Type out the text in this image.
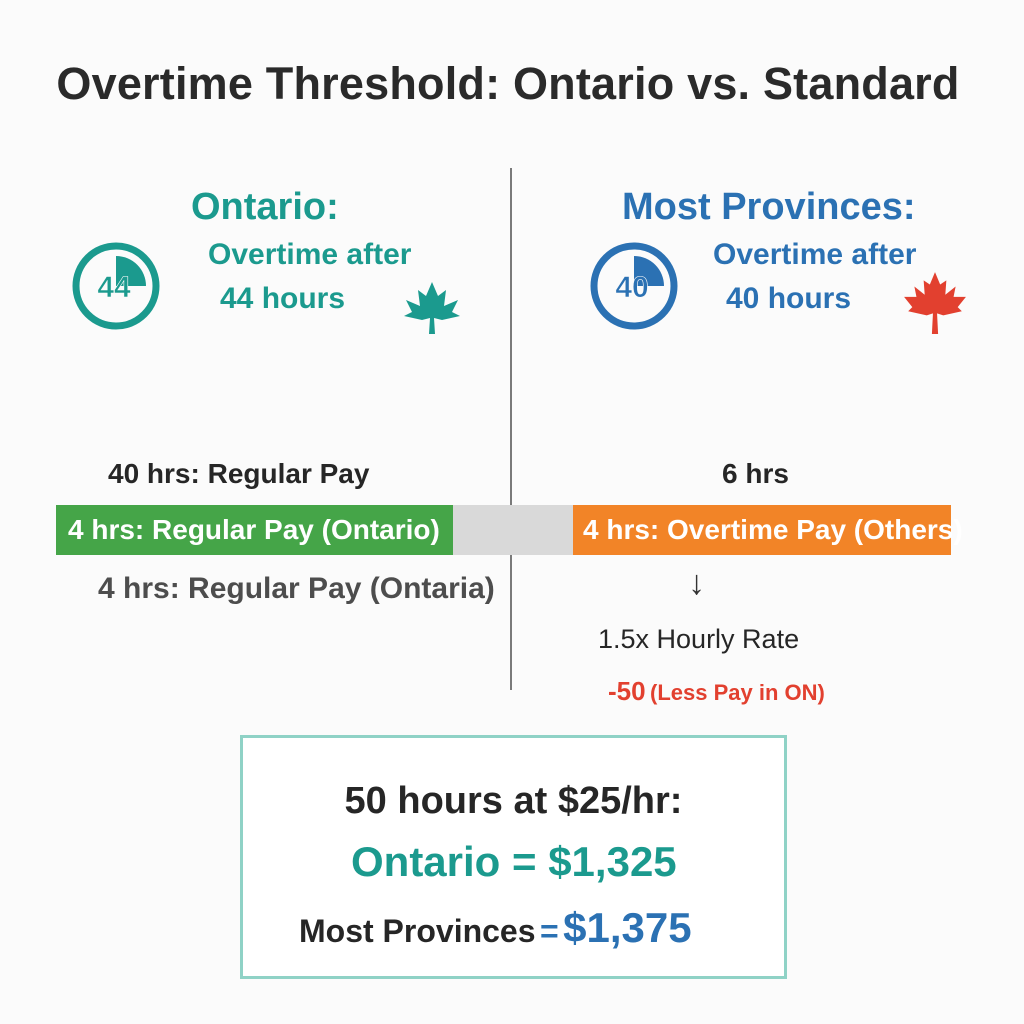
Overtime Threshold: Ontario vs. Standard
Ontario:
44
Overtime after
44 hours
Most Provinces:
40
Overtime after
40 hours
40 hrs: Regular Pay	6 hrs
4 hrs: Regular Pay (Ontario)	4 hrs: Overtime Pay (Others)
4 hrs: Regular Pay (Ontaria)	↓
1.5x Hourly Rate
-50 (Less Pay in ON)
50 hours at $25/hr:
Ontario = $1,325
Most Provinces = $1,375
